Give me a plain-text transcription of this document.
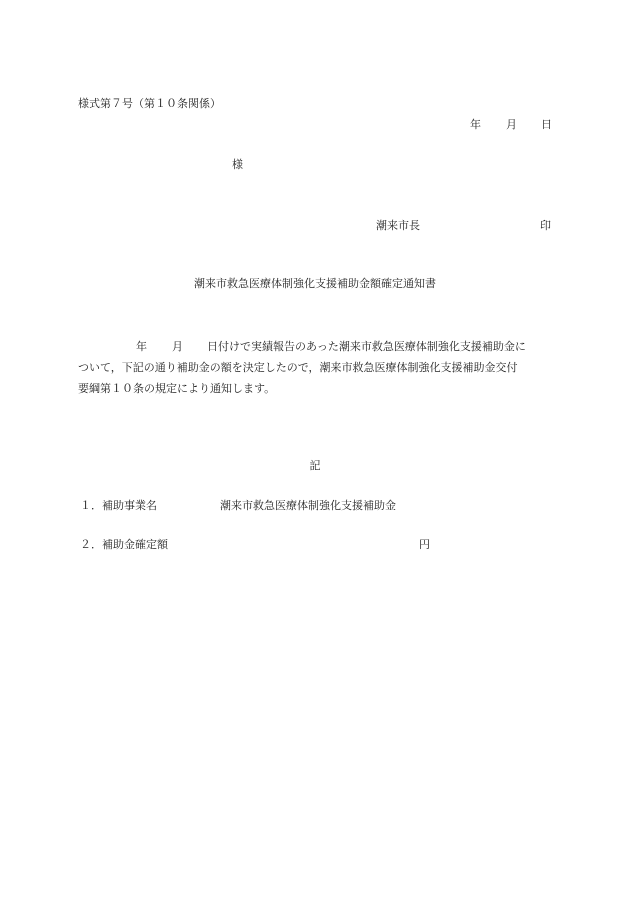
様式第７号（第１０条関係）
年 月 日
様
潮来市長	印
潮来市救急医療体制強化支援補助金額確定通知書
年 月 日付けで実績報告のあった潮来市救急医療体制強化支援補助金に
ついて，下記の通り補助金の額を決定したので，潮来市救急医療体制強化支援補助金交付
要綱第１０条の規定により通知します。
記
１．補助事業名	潮来市救急医療体制強化支援補助金
２．補助金確定額	円
